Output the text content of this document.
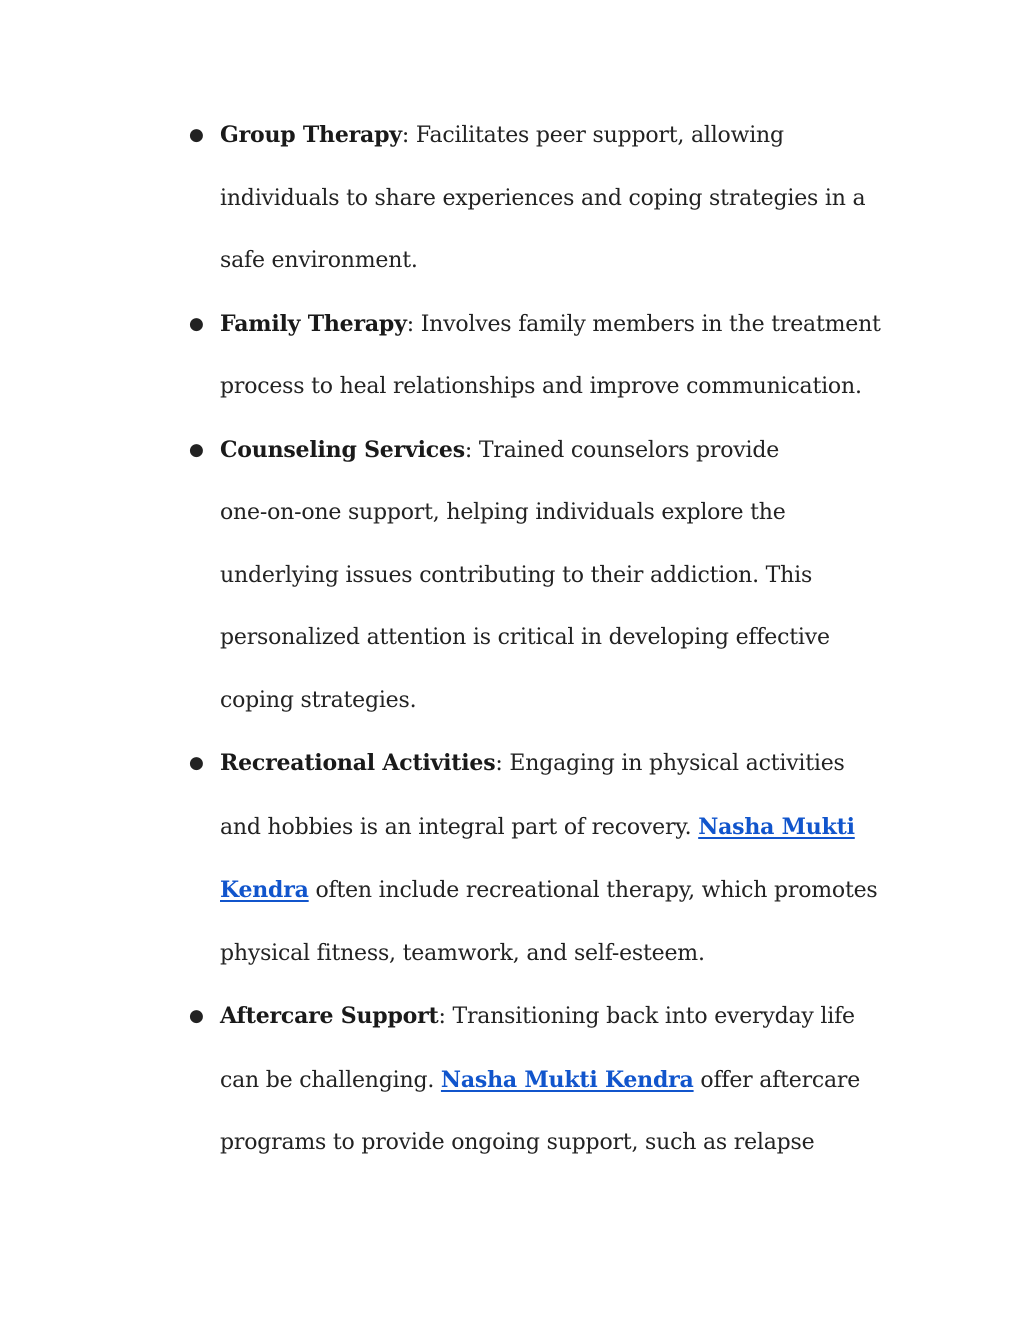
● Group Therapy: Facilitates peer support, allowing
individuals to share experiences and coping strategies in a
safe environment.
● Family Therapy: Involves family members in the treatment
process to heal relationships and improve communication.
● Counseling Services: Trained counselors provide
one-on-one support, helping individuals explore the
underlying issues contributing to their addiction. This
personalized attention is critical in developing effective
coping strategies.
● Recreational Activities: Engaging in physical activities
and hobbies is an integral part of recovery. Nasha Mukti
Kendra often include recreational therapy, which promotes
physical fitness, teamwork, and self-esteem.
● Aftercare Support: Transitioning back into everyday life
can be challenging. Nasha Mukti Kendra offer aftercare
programs to provide ongoing support, such as relapse
